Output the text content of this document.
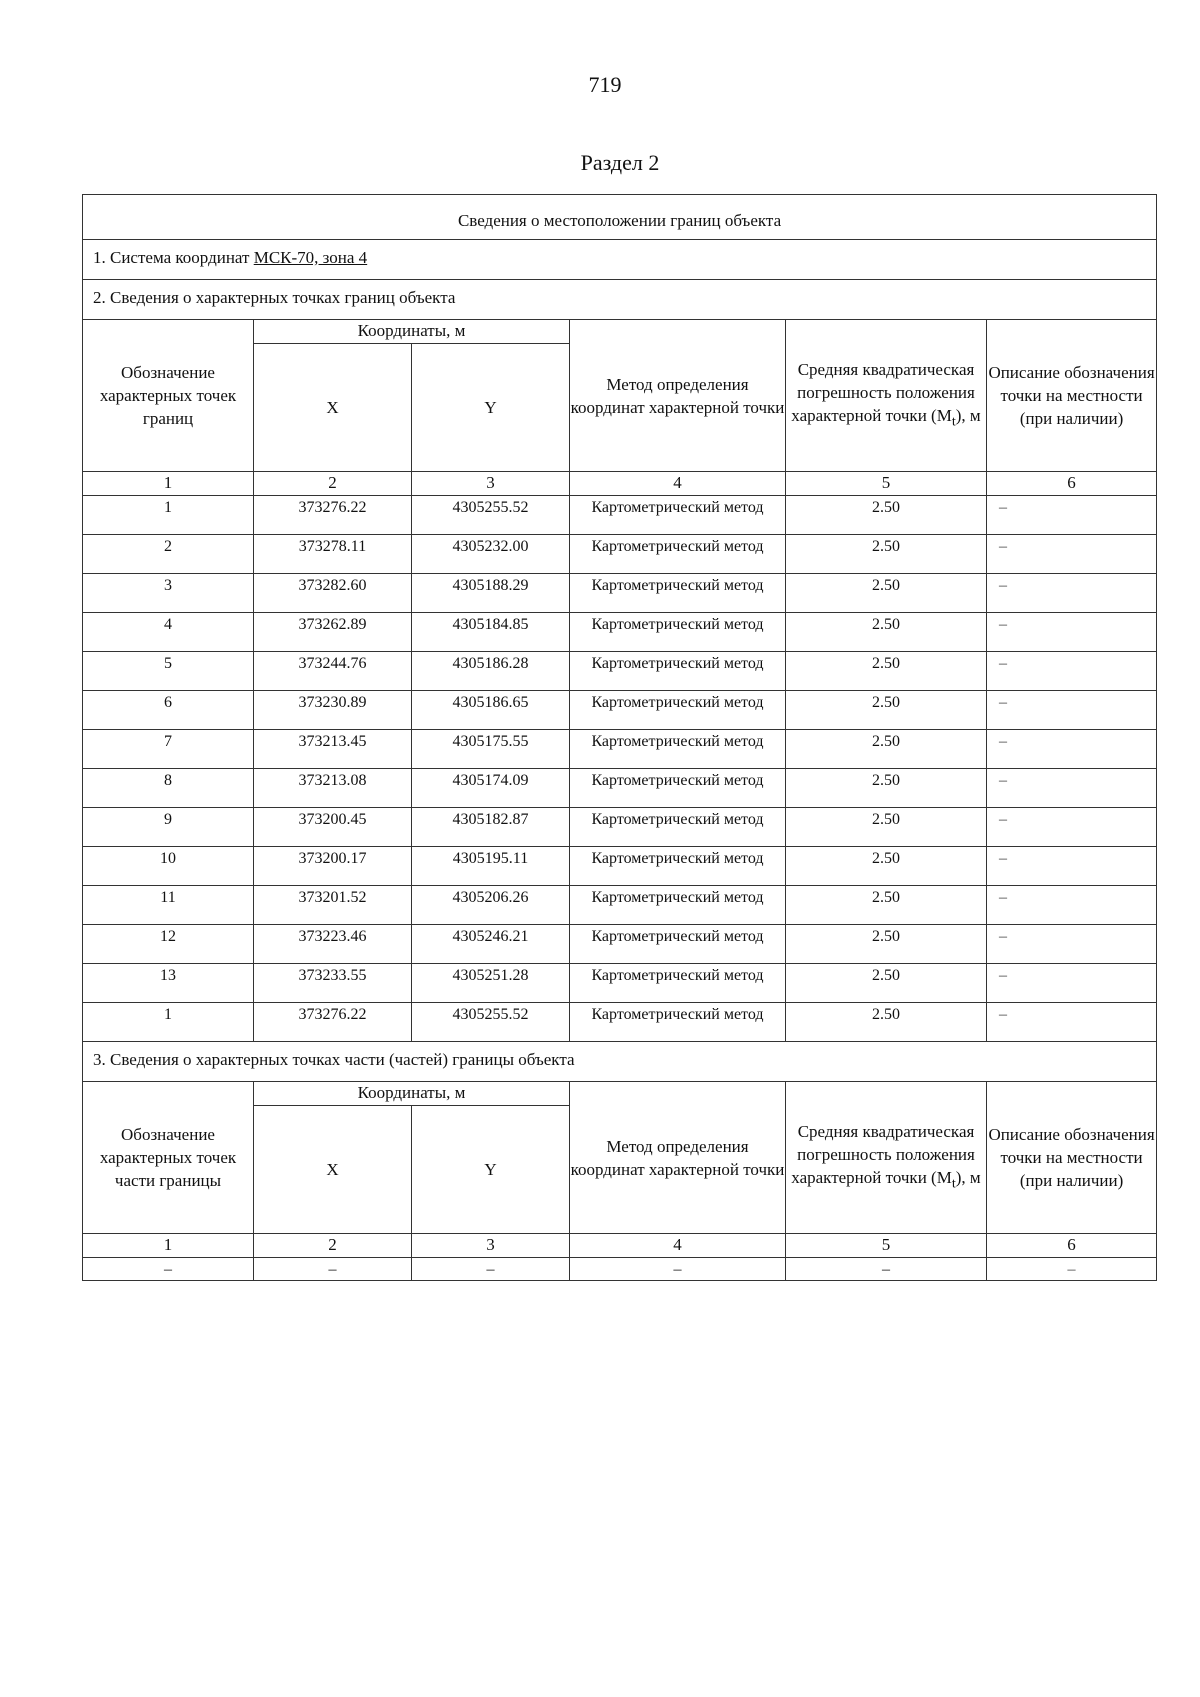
719
Раздел 2
Сведения о местоположении границ объекта					
1. Система координат МСК-70, зона 4					
2. Сведения о характерных точках границ объекта					
Обозначение характерных точек границ	Координаты, м		Метод определения координат характерной точки	Средняя квадратическая погрешность положения характерной точки $(M_t)$, м	Описание обозначения точки на местности (при наличии)
	X	Y			
1	2	3	4	5	6
1	373276.22	4305255.52	Картометрический метод	2.50	–
2	373278.11	4305232.00	Картометрический метод	2.50	–
3	373282.60	4305188.29	Картометрический метод	2.50	–
4	373262.89	4305184.85	Картометрический метод	2.50	–
5	373244.76	4305186.28	Картометрический метод	2.50	–
6	373230.89	4305186.65	Картометрический метод	2.50	–
7	373213.45	4305175.55	Картометрический метод	2.50	–
8	373213.08	4305174.09	Картометрический метод	2.50	–
9	373200.45	4305182.87	Картометрический метод	2.50	–
10	373200.17	4305195.11	Картометрический метод	2.50	–
11	373201.52	4305206.26	Картометрический метод	2.50	–
12	373223.46	4305246.21	Картометрический метод	2.50	–
13	373233.55	4305251.28	Картометрический метод	2.50	–
1	373276.22	4305255.52	Картометрический метод	2.50	–
3. Сведения о характерных точках части (частей) границы объекта					
Обозначение характерных точек части границы	Координаты, м		Метод определения координат характерной точки	Средняя квадратическая погрешность положения характерной точки $(M_t)$, м	Описание обозначения точки на местности (при наличии)
	X	Y			
1	2	3	4	5	6
–	–	–	–	–	–
